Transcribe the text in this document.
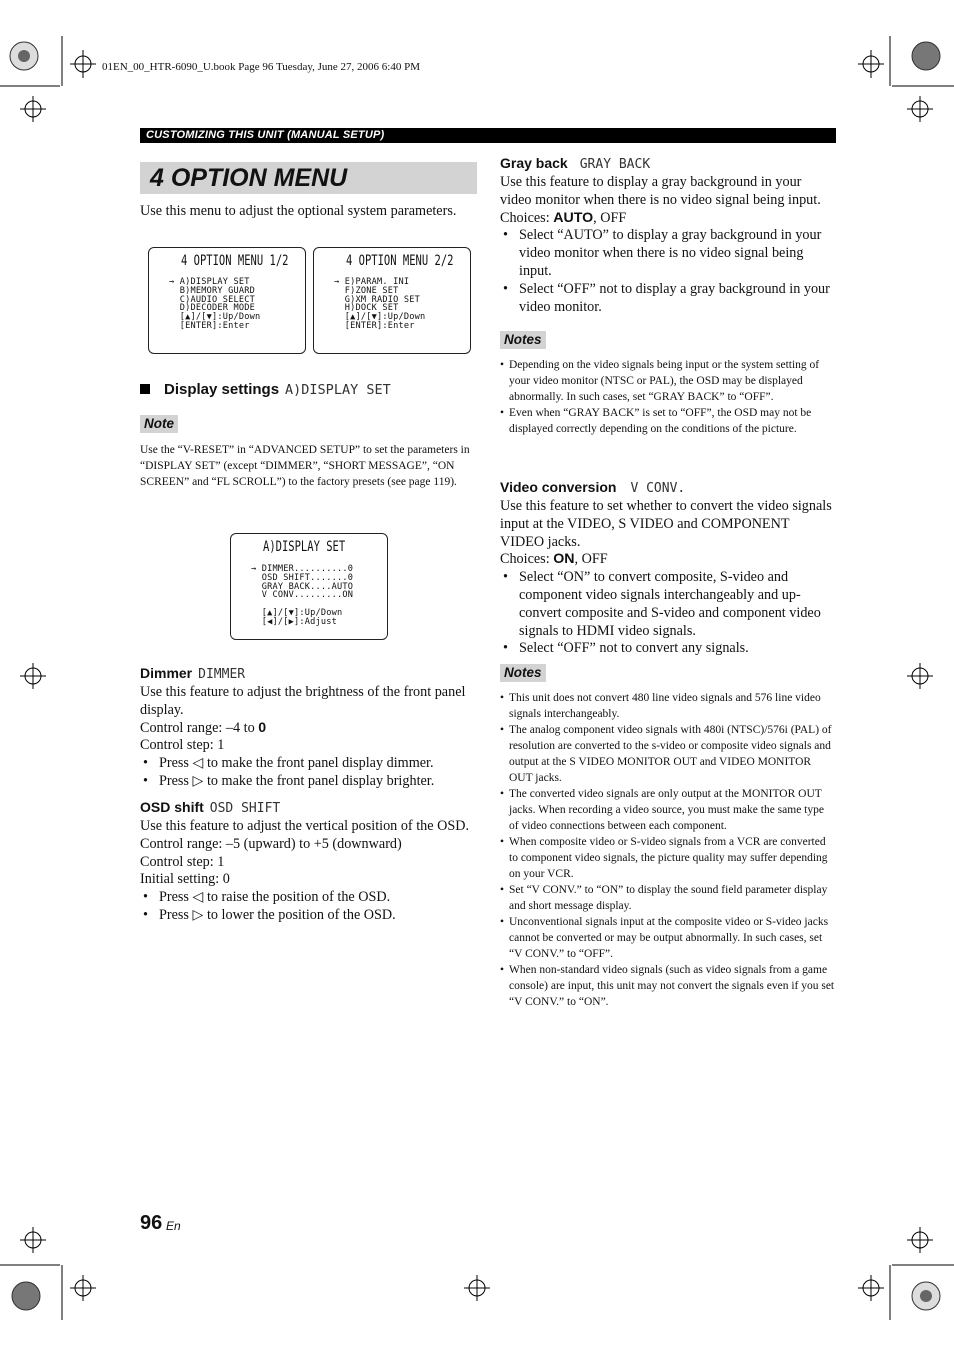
01EN_00_HTR-6090_U.book Page 96 Tuesday, June 27, 2006 6:40 PM
CUSTOMIZING THIS UNIT (MANUAL SETUP)
4 OPTION MENU
Use this menu to adjust the optional system parameters.
4 OPTION MENU 1/2
→ A)DISPLAY SET
B)MEMORY GUARD
C)AUDIO SELECT
D)DECODER MODE
[▲]/[▼]:Up/Down
[ENTER]:Enter
4 OPTION MENU 2/2
→ E)PARAM. INI
F)ZONE SET
G)XM RADIO SET
H)DOCK SET
[▲]/[▼]:Up/Down
[ENTER]:Enter
Display settings A)DISPLAY SET
Note
Use the “V-RESET” in “ADVANCED SETUP” to set the parameters in “DISPLAY SET” (except “DIMMER”, “SHORT MESSAGE”, “ON SCREEN” and “FL SCROLL”) to the factory presets (see page 119).
A)DISPLAY SET
→ DIMMER..........0
OSD SHIFT.......0
GRAY BACK....AUTO
V CONV.........ON
[▲]/[▼]:Up/Down
[◀]/[▶]:Adjust
Dimmer DIMMER
Use this feature to adjust the brightness of the front panel display.
Control range: –4 to 0
Control step: 1
• Press ◁ to make the front panel display dimmer.
• Press ▷ to make the front panel display brighter.
OSD shift OSD SHIFT
Use this feature to adjust the vertical position of the OSD.
Control range: –5 (upward) to +5 (downward)
Control step: 1
Initial setting: 0
• Press ◁ to raise the position of the OSD.
• Press ▷ to lower the position of the OSD.
Gray back GRAY BACK
Use this feature to display a gray background in your video monitor when there is no video signal being input.
Choices: AUTO, OFF
• Select “AUTO” to display a gray background in your video monitor when there is no video signal being input.
• Select “OFF” not to display a gray background in your video monitor.
Notes
• Depending on the video signals being input or the system setting of your video monitor (NTSC or PAL), the OSD may be displayed abnormally. In such cases, set “GRAY BACK” to “OFF”.
• Even when “GRAY BACK” is set to “OFF”, the OSD may not be displayed correctly depending on the conditions of the picture.
Video conversion V CONV.
Use this feature to set whether to convert the video signals input at the VIDEO, S VIDEO and COMPONENT VIDEO jacks.
Choices: ON, OFF
• Select “ON” to convert composite, S-video and component video signals interchangeably and up-convert composite and S-video and component video signals to HDMI video signals.
• Select “OFF” not to convert any signals.
Notes
• This unit does not convert 480 line video signals and 576 line video signals interchangeably.
• The analog component video signals with 480i (NTSC)/576i (PAL) of resolution are converted to the s-video or composite video signals and output at the S VIDEO MONITOR OUT and VIDEO MONITOR OUT jacks.
• The converted video signals are only output at the MONITOR OUT jacks. When recording a video source, you must make the same type of video connections between each component.
• When composite video or S-video signals from a VCR are converted to component video signals, the picture quality may suffer depending on your VCR.
• Set “V CONV.” to “ON” to display the sound field parameter display and short message display.
• Unconventional signals input at the composite video or S-video jacks cannot be converted or may be output abnormally. In such cases, set “V CONV.” to “OFF”.
• When non-standard video signals (such as video signals from a game console) are input, this unit may not convert the signals even if you set “V CONV.” to “ON”.
96 En
